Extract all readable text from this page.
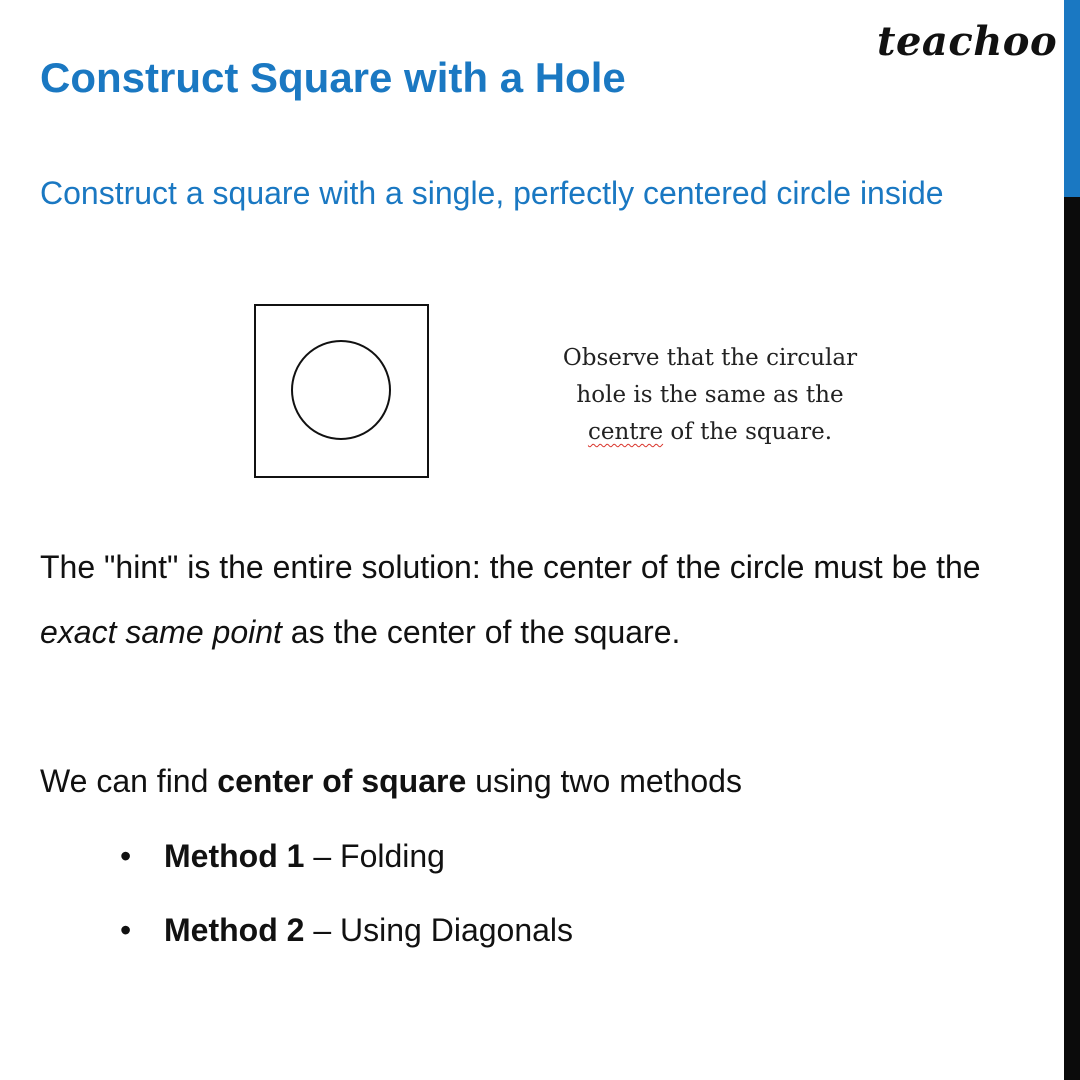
teachoo
Construct Square with a Hole

Construct a square with a single, perfectly centered circle inside

Observe that the circular
hole is the same as the
centre of the square.

The "hint" is the entire solution: the center of the circle must be the

exact same point as the center of the square.

We can find center of square using two methods

• Method 1 – Folding
• Method 2 – Using Diagonals
